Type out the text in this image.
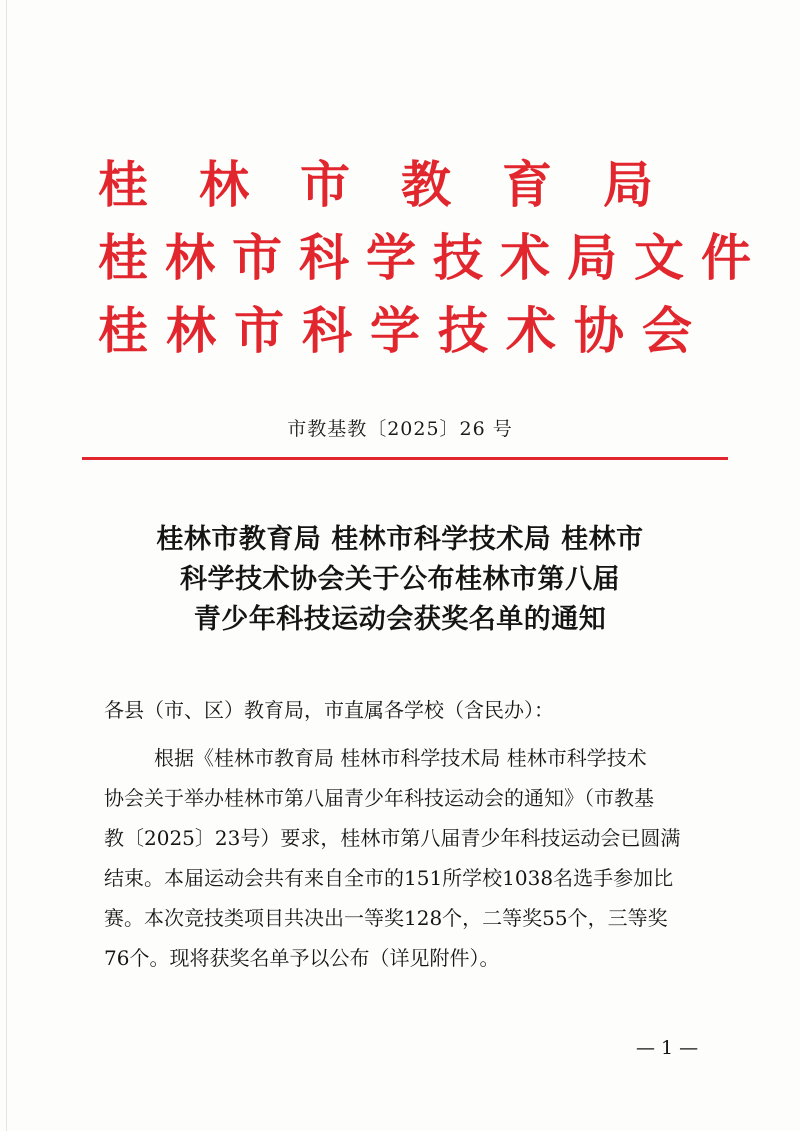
桂林市教育局
桂林市科学技术局文件
桂林市科学技术协会
市教基教〔2025〕26 号
桂林市教育局 桂林市科学技术局 桂林市
科学技术协会关于公布桂林市第八届
青少年科技运动会获奖名单的通知
各县（市、区）教育局，市直属各学校（含民办）：
根据《桂林市教育局 桂林市科学技术局 桂林市科学技术
协会关于举办桂林市第八届青少年科技运动会的通知》（市教基
教〔2025〕23号）要求，桂林市第八届青少年科技运动会已圆满
结束。本届运动会共有来自全市的151所学校1038名选手参加比
赛。本次竞技类项目共决出一等奖128个，二等奖55个，三等奖
76个。现将获奖名单予以公布（详见附件）。
— 1 —
